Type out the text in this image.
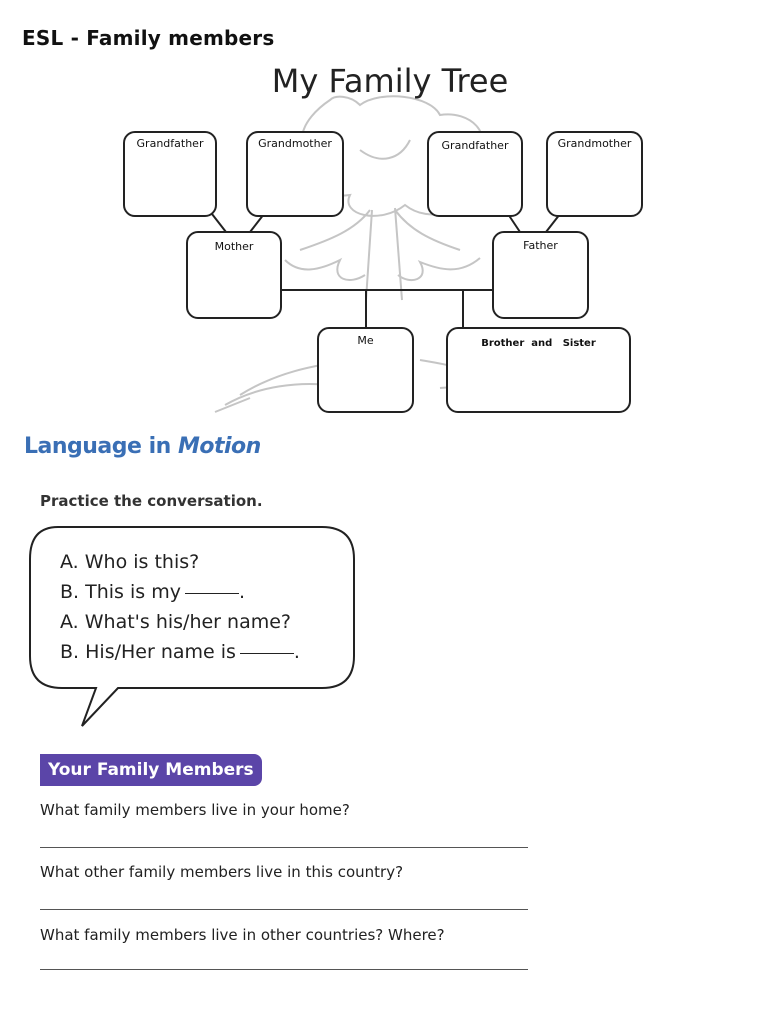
ESL - Family members
My Family Tree
Grandfather	Grandmother	Grandfather	Grandmother
Mother	Father
Me	Brother  and   Sister
Language in Motion
Practice the conversation.
A. Who is this?
B. This is my	.
A. What's his/her name?
B. His/Her name is	.
Your Family Members
What family members live in your home?
What other family members live in this country?
What family members live in other countries? Where?
